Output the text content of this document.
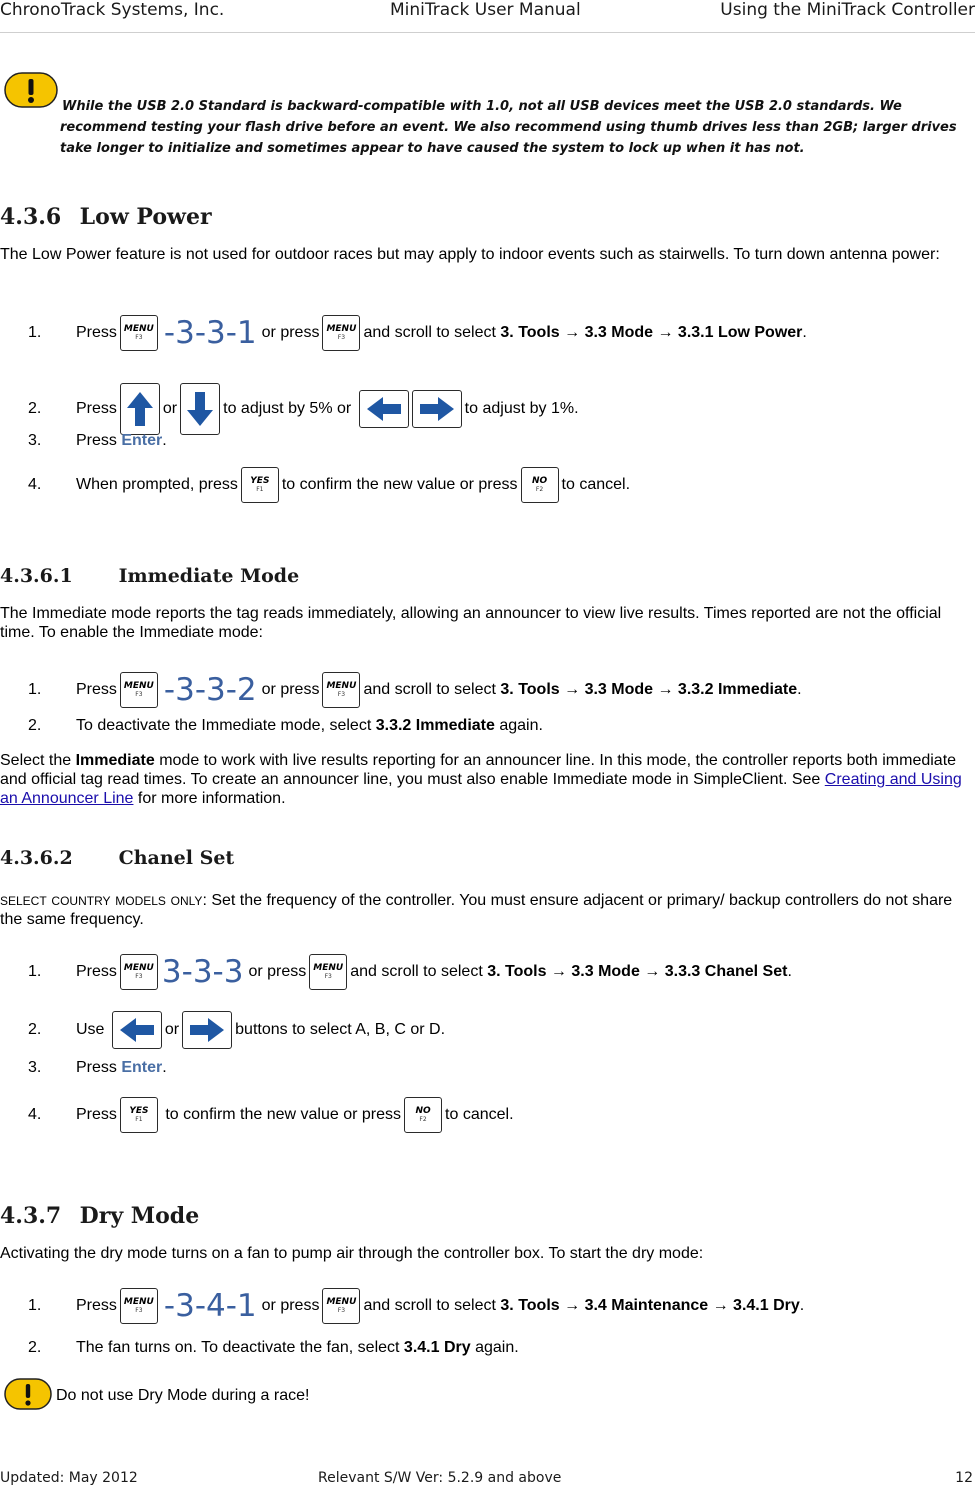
ChronoTrack Systems, Inc.	MiniTrack User Manual	Using the MiniTrack Controller
While the USB 2.0 Standard is backward-compatible with 1.0, not all USB devices meet the USB 2.0 standards. We recommend testing your flash drive before an event. We also recommend using thumb drives less than 2GB; larger drives take longer to initialize and sometimes appear to have caused the system to lock up when it has not.
4.3.6 Low Power
The Low Power feature is not used for outdoor races but may apply to indoor events such as stairwells. To turn down antenna power:
1.	Press MENU
F3 -3-3-1 or press MENU
F3 and scroll to select
3. Tools → 3.3 Mode → 3.3.1 Low Power .
2.	Press	or	to adjust by 5% or
	to adjust by 1%.
3.	Press
Enter .
4.	When prompted, press YES
F1 to confirm the new value or press NO
F2 to cancel.
4.3.6.1 Immediate Mode
The Immediate mode reports the tag reads immediately, allowing an announcer to view live results. Times reported are not the official time. To enable the Immediate mode:
1.	Press MENU
F3 -3-3-2 or press MENU
F3 and scroll to select
3. Tools → 3.3 Mode → 3.3.2 Immediate .
2.	To deactivate the Immediate mode, select
3.3.2 Immediate
again.
Select the Immediate mode to work with live results reporting for an announcer line. In this mode, the controller reports both immediate and official tag read times. To create an announcer line, you must also enable Immediate mode in SimpleClient. See Creating and Using an Announcer Line for more information.
4.3.6.2 Chanel Set
select country models only: Set the frequency of the controller. You must ensure adjacent or primary/ backup controllers do not share the same frequency.
1.	Press MENU
F3 3-3-3 or press MENU
F3 and scroll to select
3. Tools → 3.3 Mode → 3.3.3 Chanel Set .
2.	Use
	or	buttons to select A, B, C or D.
3.	Press
Enter .
4.	Press YES
F1
to confirm the new value or press NO
F2 to cancel.
4.3.7 Dry Mode
Activating the dry mode turns on a fan to pump air through the controller box. To start the dry mode:
1.	Press MENU
F3 -3-4-1 or press MENU
F3 and scroll to select
3. Tools → 3.4 Maintenance → 3.4.1 Dry .
2.	The fan turns on. To deactivate the fan, select
3.4.1 Dry
again.
Do not use Dry Mode during a race!
Updated: May 2012	Relevant S/W Ver: 5.2.9 and above	12
